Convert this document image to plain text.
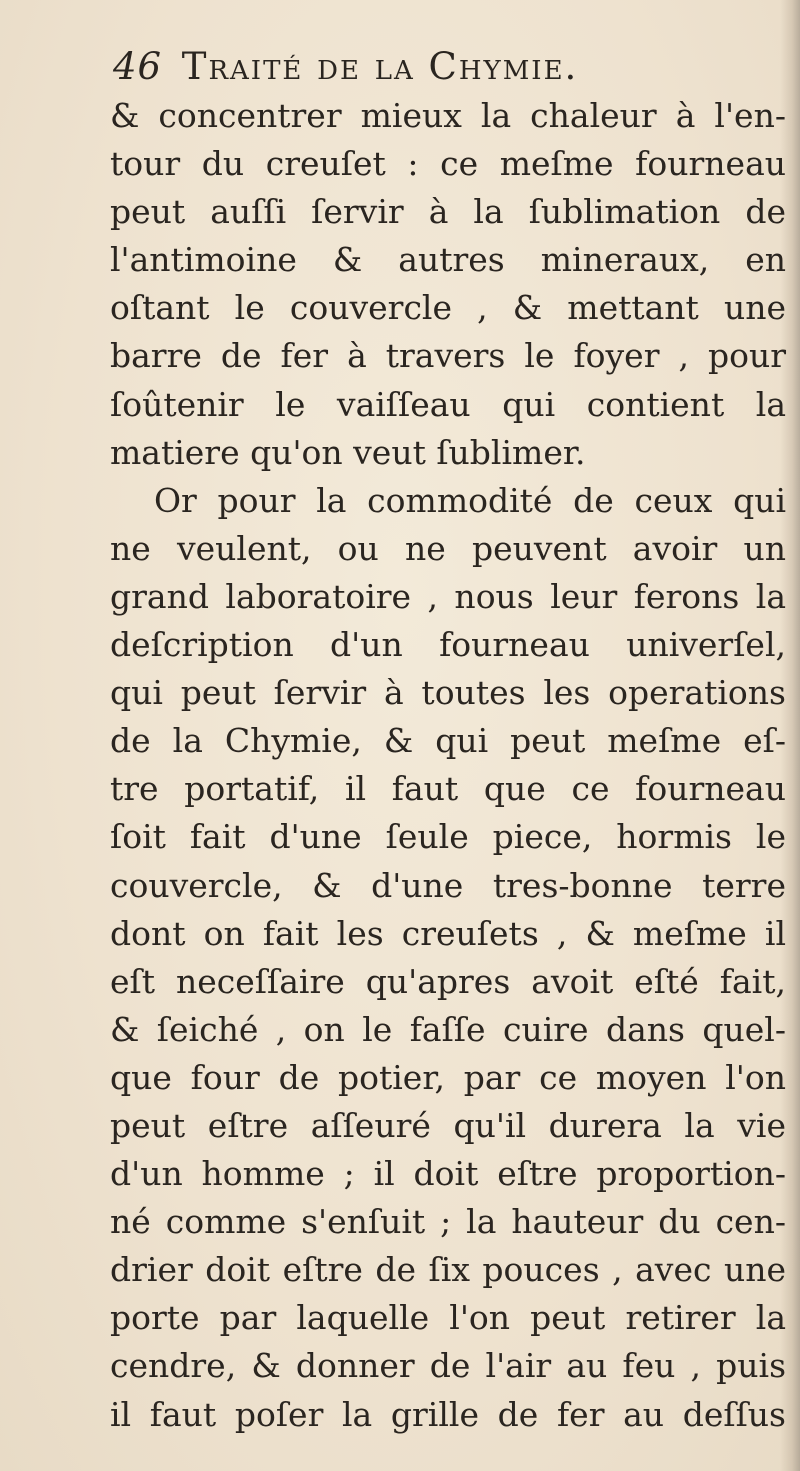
46 Traité de la Chymie.
& concentrer mieux la chaleur à l'en-
tour du creuſet : ce meſme fourneau
peut auſſi ſervir à la ſublimation de
l'antimoine & autres mineraux, en
oſtant le couvercle , & mettant une
barre de fer à travers le foyer , pour
ſoûtenir le vaiſſeau qui contient la
matiere qu'on veut ſublimer.
Or pour la commodité de ceux qui
ne veulent, ou ne peuvent avoir un
grand laboratoire , nous leur ferons la
deſcription d'un fourneau univerſel,
qui peut ſervir à toutes les operations
de la Chymie, & qui peut meſme eſ-
tre portatif, il faut que ce fourneau
ſoit fait d'une ſeule piece, hormis le
couvercle, & d'une tres-bonne terre
dont on fait les creuſets , & meſme il
eſt neceſſaire qu'apres avoit eſté fait,
& ſeiché , on le faſſe cuire dans quel-
que four de potier, par ce moyen l'on
peut eſtre aſſeuré qu'il durera la vie
d'un homme ; il doit eſtre proportion-
né comme s'enſuit ; la hauteur du cen-
drier doit eſtre de ſix pouces , avec une
porte par laquelle l'on peut retirer la
cendre, & donner de l'air au feu , puis
il faut poſer la grille de fer au deſſus
